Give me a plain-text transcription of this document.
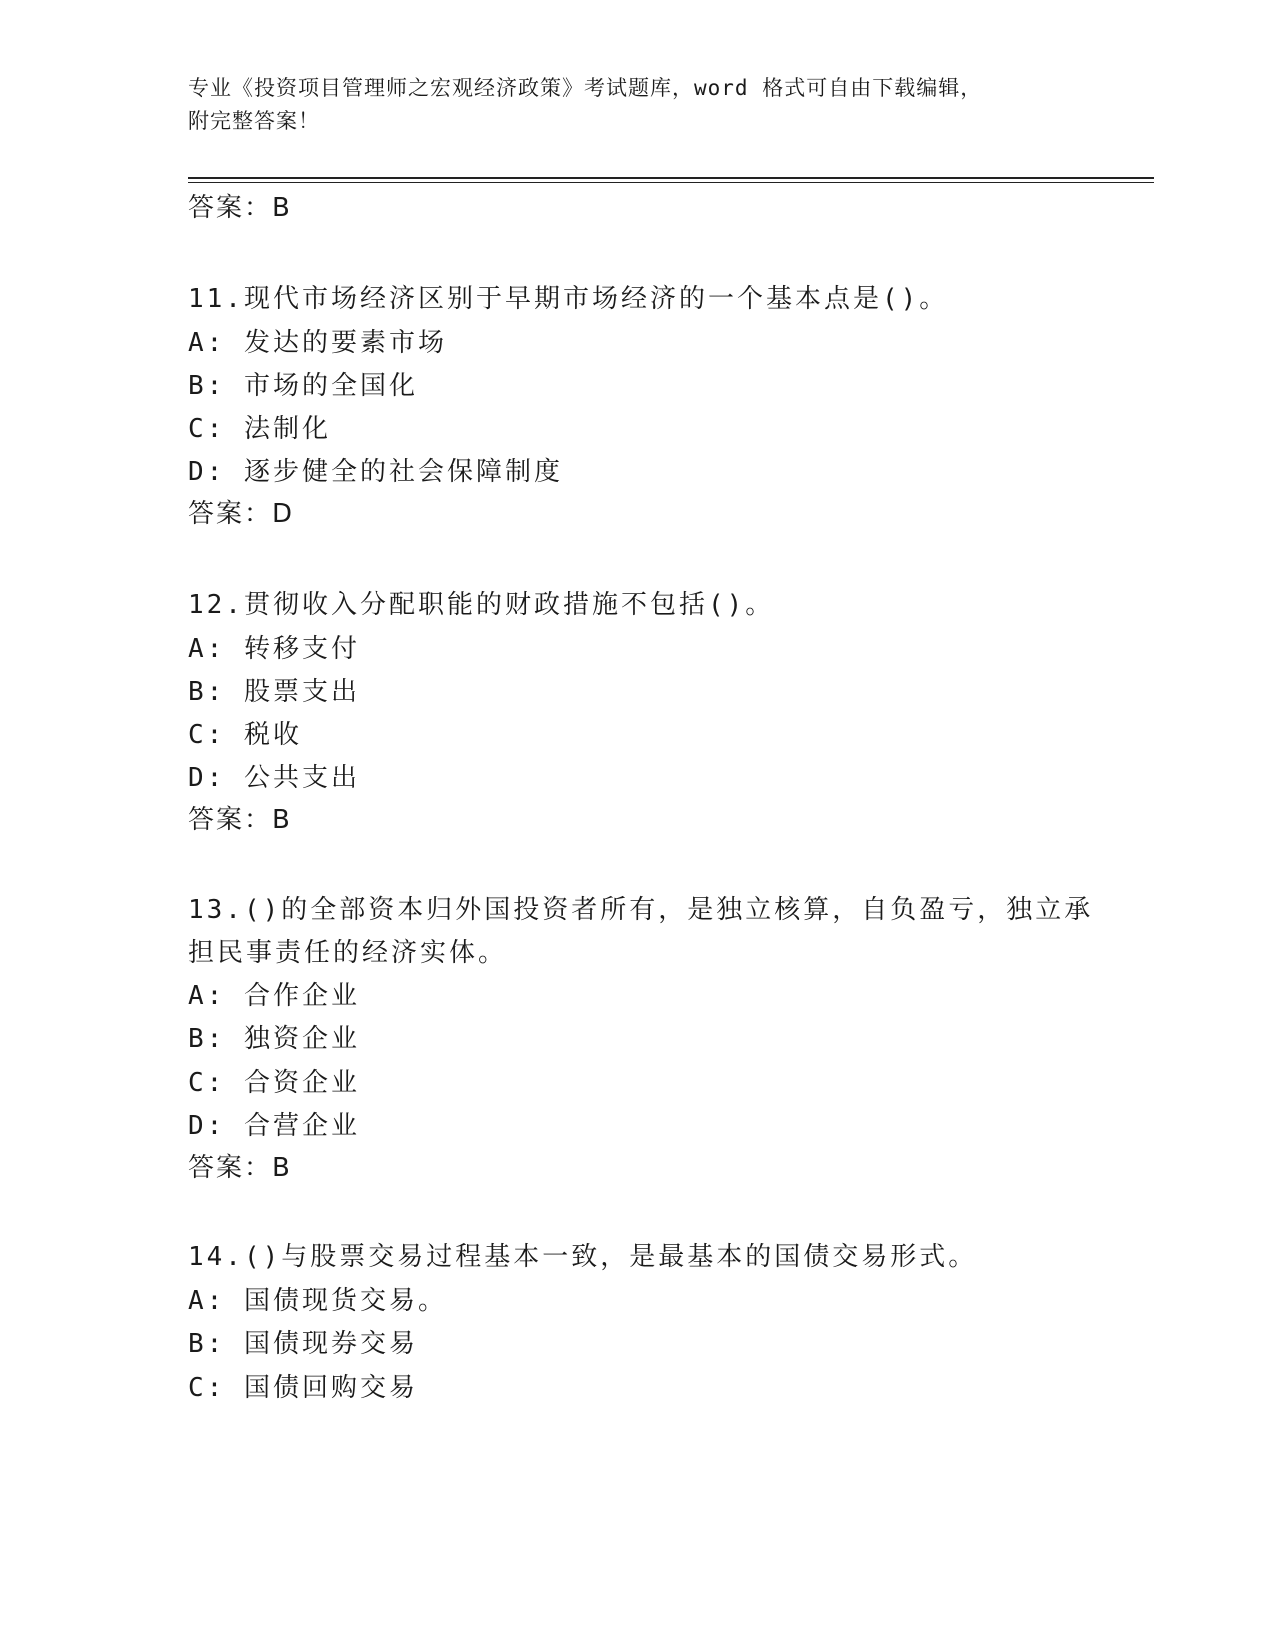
专业《投资项目管理师之宏观经济政策》考试题库，word 格式可自由下载编辑，
附完整答案！
答案：B
11.现代市场经济区别于早期市场经济的一个基本点是()。
A: 发达的要素市场
B: 市场的全国化
C: 法制化
D: 逐步健全的社会保障制度
答案：D
12.贯彻收入分配职能的财政措施不包括()。
A: 转移支付
B: 股票支出
C: 税收
D: 公共支出
答案：B
13.()的全部资本归外国投资者所有，是独立核算，自负盈亏，独立承
担民事责任的经济实体。
A: 合作企业
B: 独资企业
C: 合资企业
D: 合营企业
答案：B
14.()与股票交易过程基本一致，是最基本的国债交易形式。
A: 国债现货交易。
B: 国债现券交易
C: 国债回购交易
